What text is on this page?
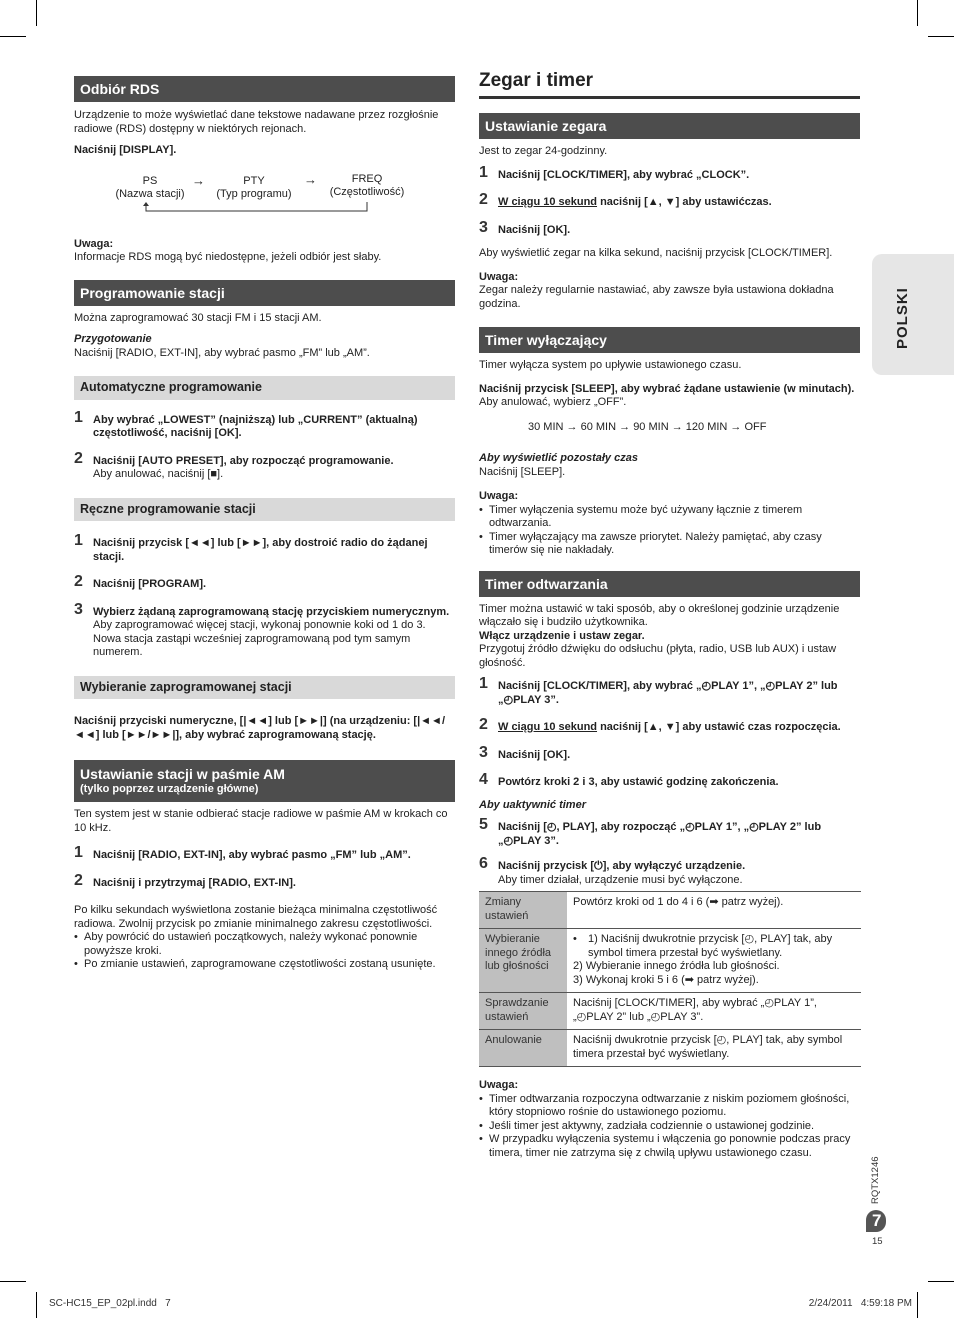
POLSKI
Odbiór RDS

Urządzenie to może wyświetlać dane tekstowe nadawane przez rozgłośnie radiowe (RDS) dostępny w niektórych rejonach.

Naciśnij [DISPLAY].

PS
(Nazwa stacji)
→	PTY
(Typ programu)
→	FREQ
(Częstotliwość)

Uwaga:

Informacje RDS mogą być niedostępne, jeżeli odbiór jest słaby.

Programowanie stacji

Można zaprogramować 30 stacji FM i 15 stacji AM.

Przygotowanie

Naciśnij [RADIO, EXT-IN], aby wybrać pasmo „FM” lub „AM”.

Automatyczne programowanie
1 Aby wybrać „LOWEST” (najniższą) lub „CURRENT” (aktualną) częstotliwość, naciśnij [OK].
2 Naciśnij [AUTO PRESET], aby rozpocząć programowanie.
Aby anulować, naciśnij [■].
Ręczne programowanie stacji
1 Naciśnij przycisk [◄◄] lub [►►], aby dostroić radio do żądanej stacji.
2 Naciśnij [PROGRAM].
3 Wybierz żądaną zaprogramowaną stację przyciskiem numerycznym.
Aby zaprogramować więcej stacji, wykonaj ponownie koki od 1 do 3.
Nowa stacja zastąpi wcześniej zaprogramowaną pod tym samym numerem.
Wybieranie zaprogramowanej stacji

Naciśnij przyciski numeryczne, [|◄◄] lub [►►|] (na urządzeniu: [|◄◄/◄◄] lub [►►/►►|], aby wybrać zaprogramowaną stację.

Ustawianie stacji w paśmie AM
(tylko poprzez urządzenie główne)

Ten system jest w stanie odbierać stacje radiowe w paśmie AM w krokach co 10 kHz.

1 Naciśnij [RADIO, EXT-IN], aby wybrać pasmo „FM” lub „AM”.
2 Naciśnij i przytrzymaj [RADIO, EXT-IN].

Po kilku sekundach wyświetlona zostanie bieżąca minimalna częstotliwość radiowa. Zwolnij przycisk po zmianie minimalnego zakresu częstotliwości.

• Aby powrócić do ustawień początkowych, należy wykonać ponownie powyższe kroki.
• Po zmianie ustawień, zaprogramowane częstotliwości zostaną usunięte.
Zegar i timer
Ustawianie zegara

Jest to zegar 24-godzinny.

1 Naciśnij [CLOCK/TIMER], aby wybrać „CLOCK”.
2 W ciągu 10 sekund naciśnij [▲, ▼] aby ustawićczas.
3 Naciśnij [OK].

Aby wyświetlić zegar na kilka sekund, naciśnij przycisk [CLOCK/TIMER].

Uwaga:

Zegar należy regularnie nastawiać, aby zawsze była ustawiona dokładna godzina.

Timer wyłączający

Timer wyłącza system po upływie ustawionego czasu.

Naciśnij przycisk [SLEEP], aby wybrać żądane ustawienie (w minutach).

Aby anulować, wybierz „OFF”.

30 MIN → 60 MIN → 90 MIN → 120 MIN → OFF

Aby wyświetlić pozostały czas

Naciśnij [SLEEP].

Uwaga:

• Timer wyłączenia systemu może być używany łącznie z timerem odtwarzania.
• Timer wyłączający ma zawsze priorytet. Należy pamiętać, aby czasy timerów się nie nakładały.
Timer odtwarzania

Timer można ustawić w taki sposób, aby o określonej godzinie urządzenie włączało się i budziło użytkownika.

Włącz urządzenie i ustaw zegar.

Przygotuj źródło dźwięku do odsłuchu (płyta, radio, USB lub AUX) i ustaw głośność.

1 Naciśnij [CLOCK/TIMER], aby wybrać „◴PLAY 1”, „◴PLAY 2” lub „◴PLAY 3”.
2 W ciągu 10 sekund naciśnij [▲, ▼] aby ustawić czas rozpoczęcia.
3 Naciśnij [OK].
4 Powtórz kroki 2 i 3, aby ustawić godzinę zakończenia.

Aby uaktywnić timer

5 Naciśnij [◴, PLAY], aby rozpocząć „◴PLAY 1”, „◴PLAY 2” lub „◴PLAY 3”.
6 Naciśnij przycisk [⏻], aby wyłączyć urządzenie.
Aby timer działał, urządzenie musi być wyłączone.
Zmiany ustawień	Powtórz kroki od 1 do 4 i 6 (➡ patrz wyżej).
Wybieranie innego źródła lub głośności	• 1) Naciśnij dwukrotnie przycisk [◴, PLAY] tak, aby symbol timera przestał być wyświetlany.
2) Wybieranie innego źródła lub głośności.
3) Wykonaj kroki 5 i 6 (➡ patrz wyżej).

Sprawdzanie ustawień	Naciśnij [CLOCK/TIMER], aby wybrać „◴PLAY 1”, „◴PLAY 2” lub „◴PLAY 3”.
Anulowanie	Naciśnij dwukrotnie przycisk [◴, PLAY] tak, aby symbol timera przestał być wyświetlany.

Uwaga:

• Timer odtwarzania rozpoczyna odtwarzanie z niskim poziomem głośności, który stopniowo rośnie do ustawionego poziomu.
• Jeśli timer jest aktywny, zadziała codziennie o ustawionej godzinie.
• W przypadku wyłączenia systemu i włączenia go ponownie podczas pracy timera, timer nie zatrzyma się z chwilą upływu ustawionego czasu.
RQTX1246
7
15
SC-HC15_EP_02pl.indd   7	2/24/2011   4:59:18 PM
